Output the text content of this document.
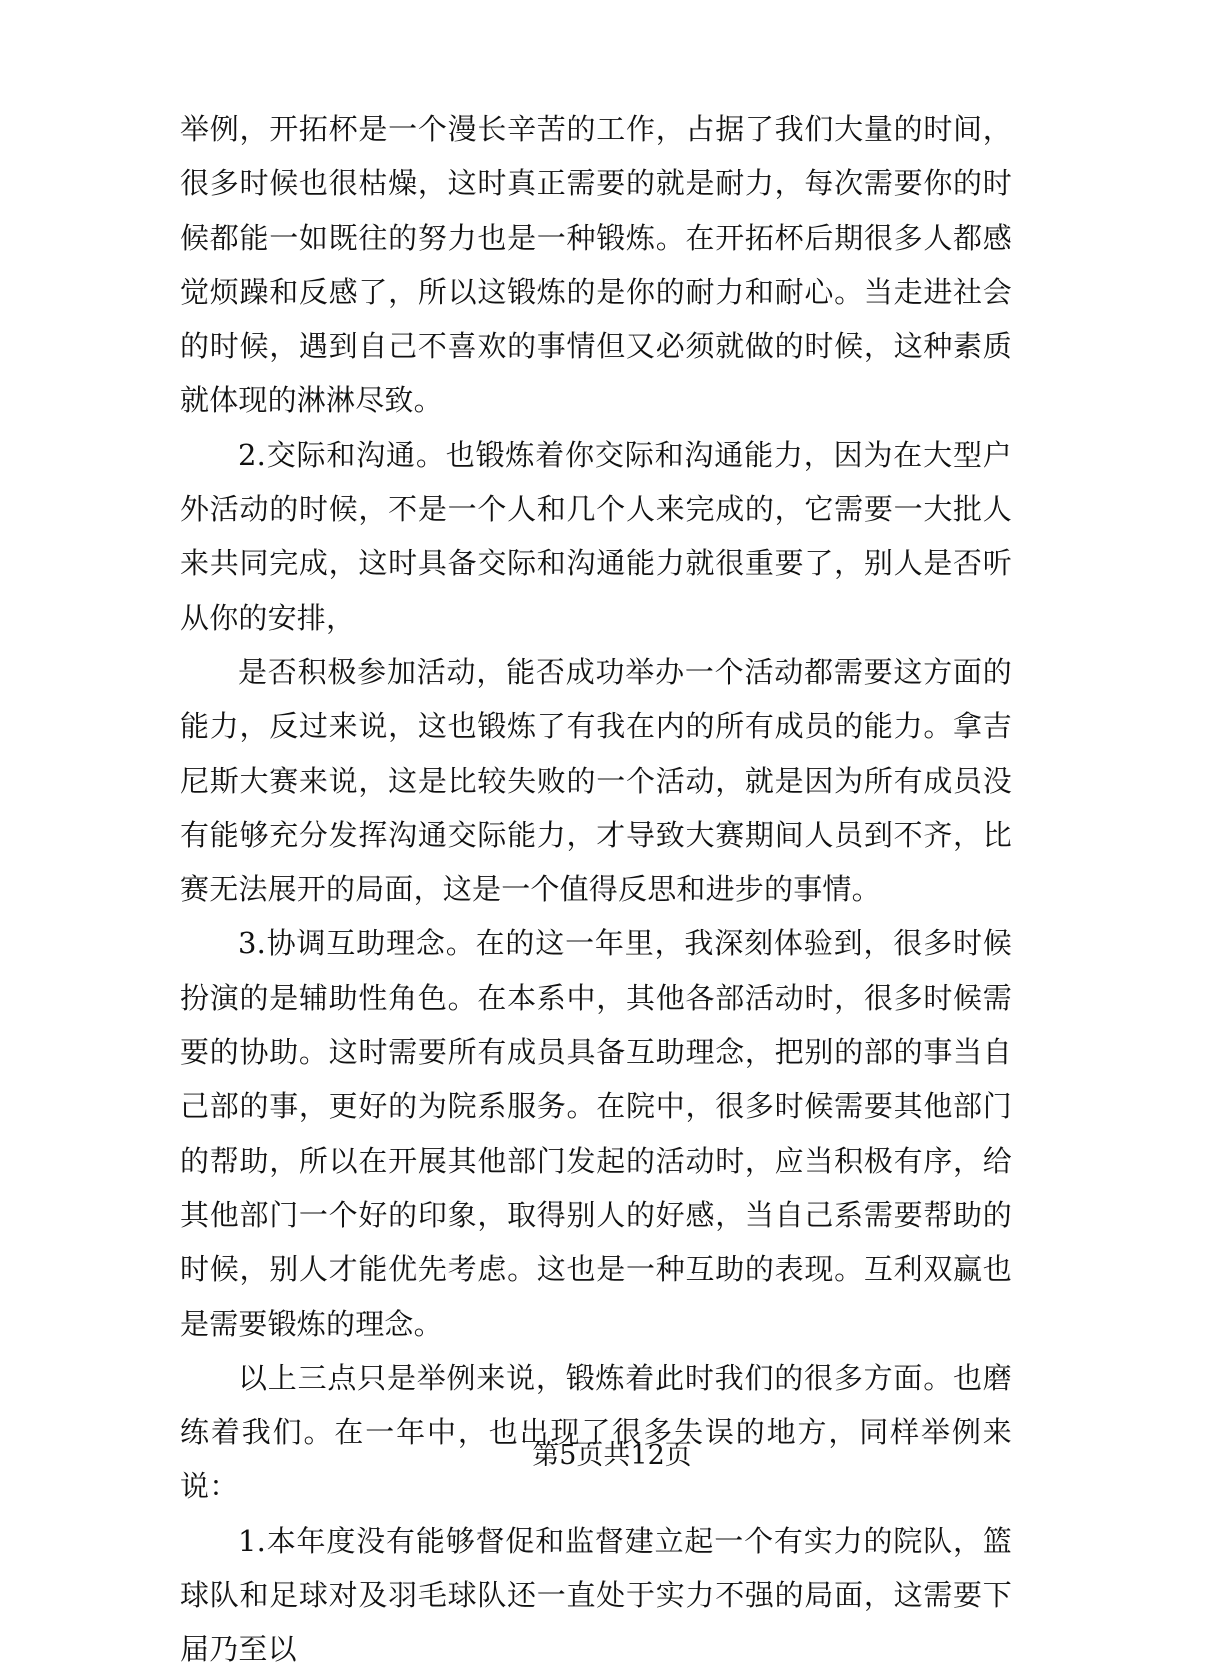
举例，开拓杯是一个漫长辛苦的工作，占据了我们大量的时间，很多时候也很枯燥，这时真正需要的就是耐力，每次需要你的时候都能一如既往的努力也是一种锻炼。在开拓杯后期很多人都感觉烦躁和反感了，所以这锻炼的是你的耐力和耐心。当走进社会的时候，遇到自己不喜欢的事情但又必须就做的时候，这种素质就体现的淋淋尽致。

2.交际和沟通。也锻炼着你交际和沟通能力，因为在大型户外活动的时候，不是一个人和几个人来完成的，它需要一大批人来共同完成，这时具备交际和沟通能力就很重要了，别人是否听从你的安排，

是否积极参加活动，能否成功举办一个活动都需要这方面的能力，反过来说，这也锻炼了有我在内的所有成员的能力。拿吉尼斯大赛来说，这是比较失败的一个活动，就是因为所有成员没有能够充分发挥沟通交际能力，才导致大赛期间人员到不齐，比赛无法展开的局面，这是一个值得反思和进步的事情。

3.协调互助理念。在的这一年里，我深刻体验到，很多时候扮演的是辅助性角色。在本系中，其他各部活动时，很多时候需要的协助。这时需要所有成员具备互助理念，把别的部的事当自己部的事，更好的为院系服务。在院中，很多时候需要其他部门的帮助，所以在开展其他部门发起的活动时，应当积极有序，给其他部门一个好的印象，取得别人的好感，当自己系需要帮助的时候，别人才能优先考虑。这也是一种互助的表现。互利双赢也是需要锻炼的理念。

以上三点只是举例来说，锻炼着此时我们的很多方面。也磨练着我们。在一年中，也出现了很多失误的地方，同样举例来说：

1.本年度没有能够督促和监督建立起一个有实力的院队，篮球队和足球对及羽毛球队还一直处于实力不强的局面，这需要下届乃至以

第5页共12页
